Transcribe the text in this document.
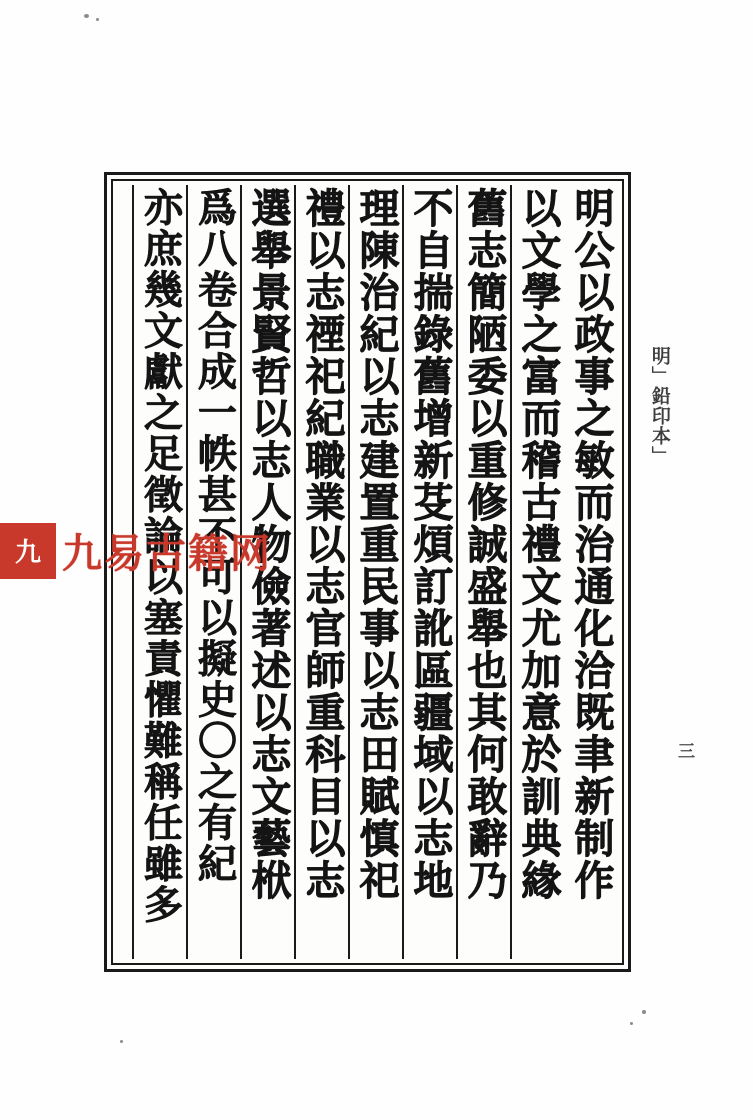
明」鉛印本」
三
明公以政事之敏而治通化洽既聿新制作
以文學之富而稽古禮文尤加意於訓典緣
舊志簡陋委以重修誠盛舉也其何敢辭乃
不自揣錄舊增新芟煩訂訛區疆域以志地
理陳治紀以志建置重民事以志田賦慎祀
禮以志禋祀紀職業以志官師重科目以志
選舉景賢哲以志人物儉著述以志文藝栿
爲八卷合成一帙甚不可以擬史〇之有紀
亦庶幾文獻之足徵論以塞責懼難稱任雖多
九 九易古籍网
